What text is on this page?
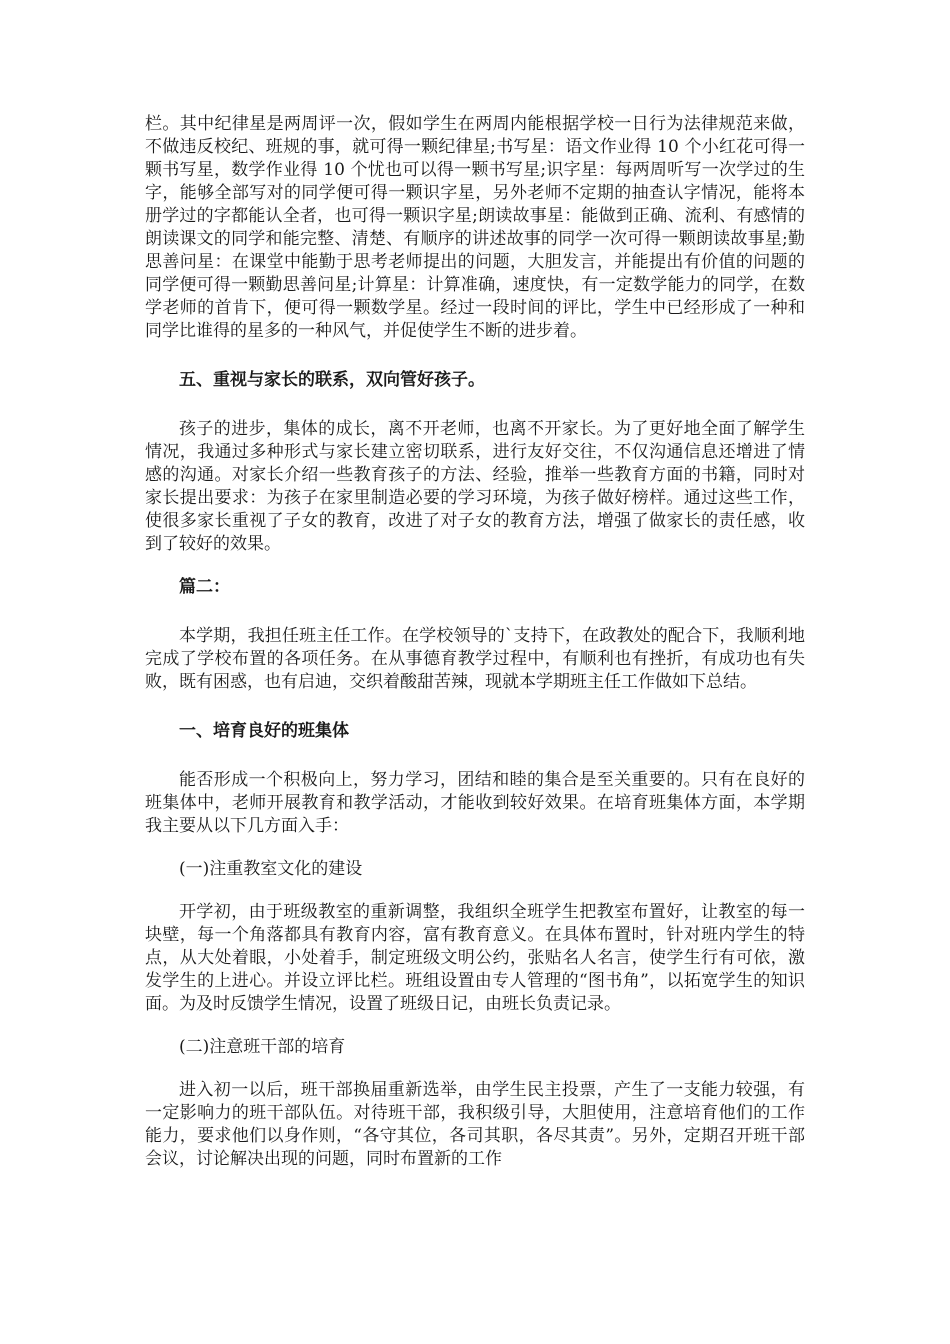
栏。其中纪律星是两周评一次，假如学生在两周内能根据学校一日行为法律规范来做，不做违反校纪、班规的事，就可得一颗纪律星;书写星：语文作业得 10 个小红花可得一颗书写星，数学作业得 10 个忧也可以得一颗书写星;识字星：每两周听写一次学过的生字，能够全部写对的同学便可得一颗识字星，另外老师不定期的抽查认字情况，能将本册学过的字都能认全者，也可得一颗识字星;朗读故事星：能做到正确、流利、有感情的朗读课文的同学和能完整、清楚、有顺序的讲述故事的同学一次可得一颗朗读故事星;勤思善问星：在课堂中能勤于思考老师提出的问题，大胆发言，并能提出有价值的问题的同学便可得一颗勤思善问星;计算星：计算准确，速度快，有一定数学能力的同学，在数学老师的首肯下，便可得一颗数学星。经过一段时间的评比，学生中已经形成了一种和同学比谁得的星多的一种风气，并促使学生不断的进步着。

五、重视与家长的联系，双向管好孩子。

孩子的进步，集体的成长，离不开老师，也离不开家长。为了更好地全面了解学生情况，我通过多种形式与家长建立密切联系，进行友好交往，不仅沟通信息还增进了情感的沟通。对家长介绍一些教育孩子的方法、经验，推举一些教育方面的书籍，同时对家长提出要求：为孩子在家里制造必要的学习环境，为孩子做好榜样。通过这些工作，使很多家长重视了子女的教育，改进了对子女的教育方法，增强了做家长的责任感，收到了较好的效果。

篇二：

本学期，我担任班主任工作。在学校领导的`支持下，在政教处的配合下，我顺利地完成了学校布置的各项任务。在从事德育教学过程中，有顺利也有挫折，有成功也有失败，既有困惑，也有启迪，交织着酸甜苦辣，现就本学期班主任工作做如下总结。

一、培育良好的班集体

能否形成一个积极向上，努力学习，团结和睦的集合是至关重要的。只有在良好的班集体中，老师开展教育和教学活动，才能收到较好效果。在培育班集体方面，本学期我主要从以下几方面入手：

(一)注重教室文化的建设

开学初，由于班级教室的重新调整，我组织全班学生把教室布置好，让教室的每一块壁，每一个角落都具有教育内容，富有教育意义。在具体布置时，针对班内学生的特点，从大处着眼，小处着手，制定班级文明公约，张贴名人名言，使学生行有可依，激发学生的上进心。并设立评比栏。班组设置由专人管理的“图书角”，以拓宽学生的知识面。为及时反馈学生情况，设置了班级日记，由班长负责记录。

(二)注意班干部的培育

进入初一以后，班干部换届重新选举，由学生民主投票，产生了一支能力较强，有一定影响力的班干部队伍。对待班干部，我积级引导，大胆使用，注意培育他们的工作能力，要求他们以身作则，“各守其位，各司其职，各尽其责”。另外，定期召开班干部会议，讨论解决出现的问题，同时布置新的工作
